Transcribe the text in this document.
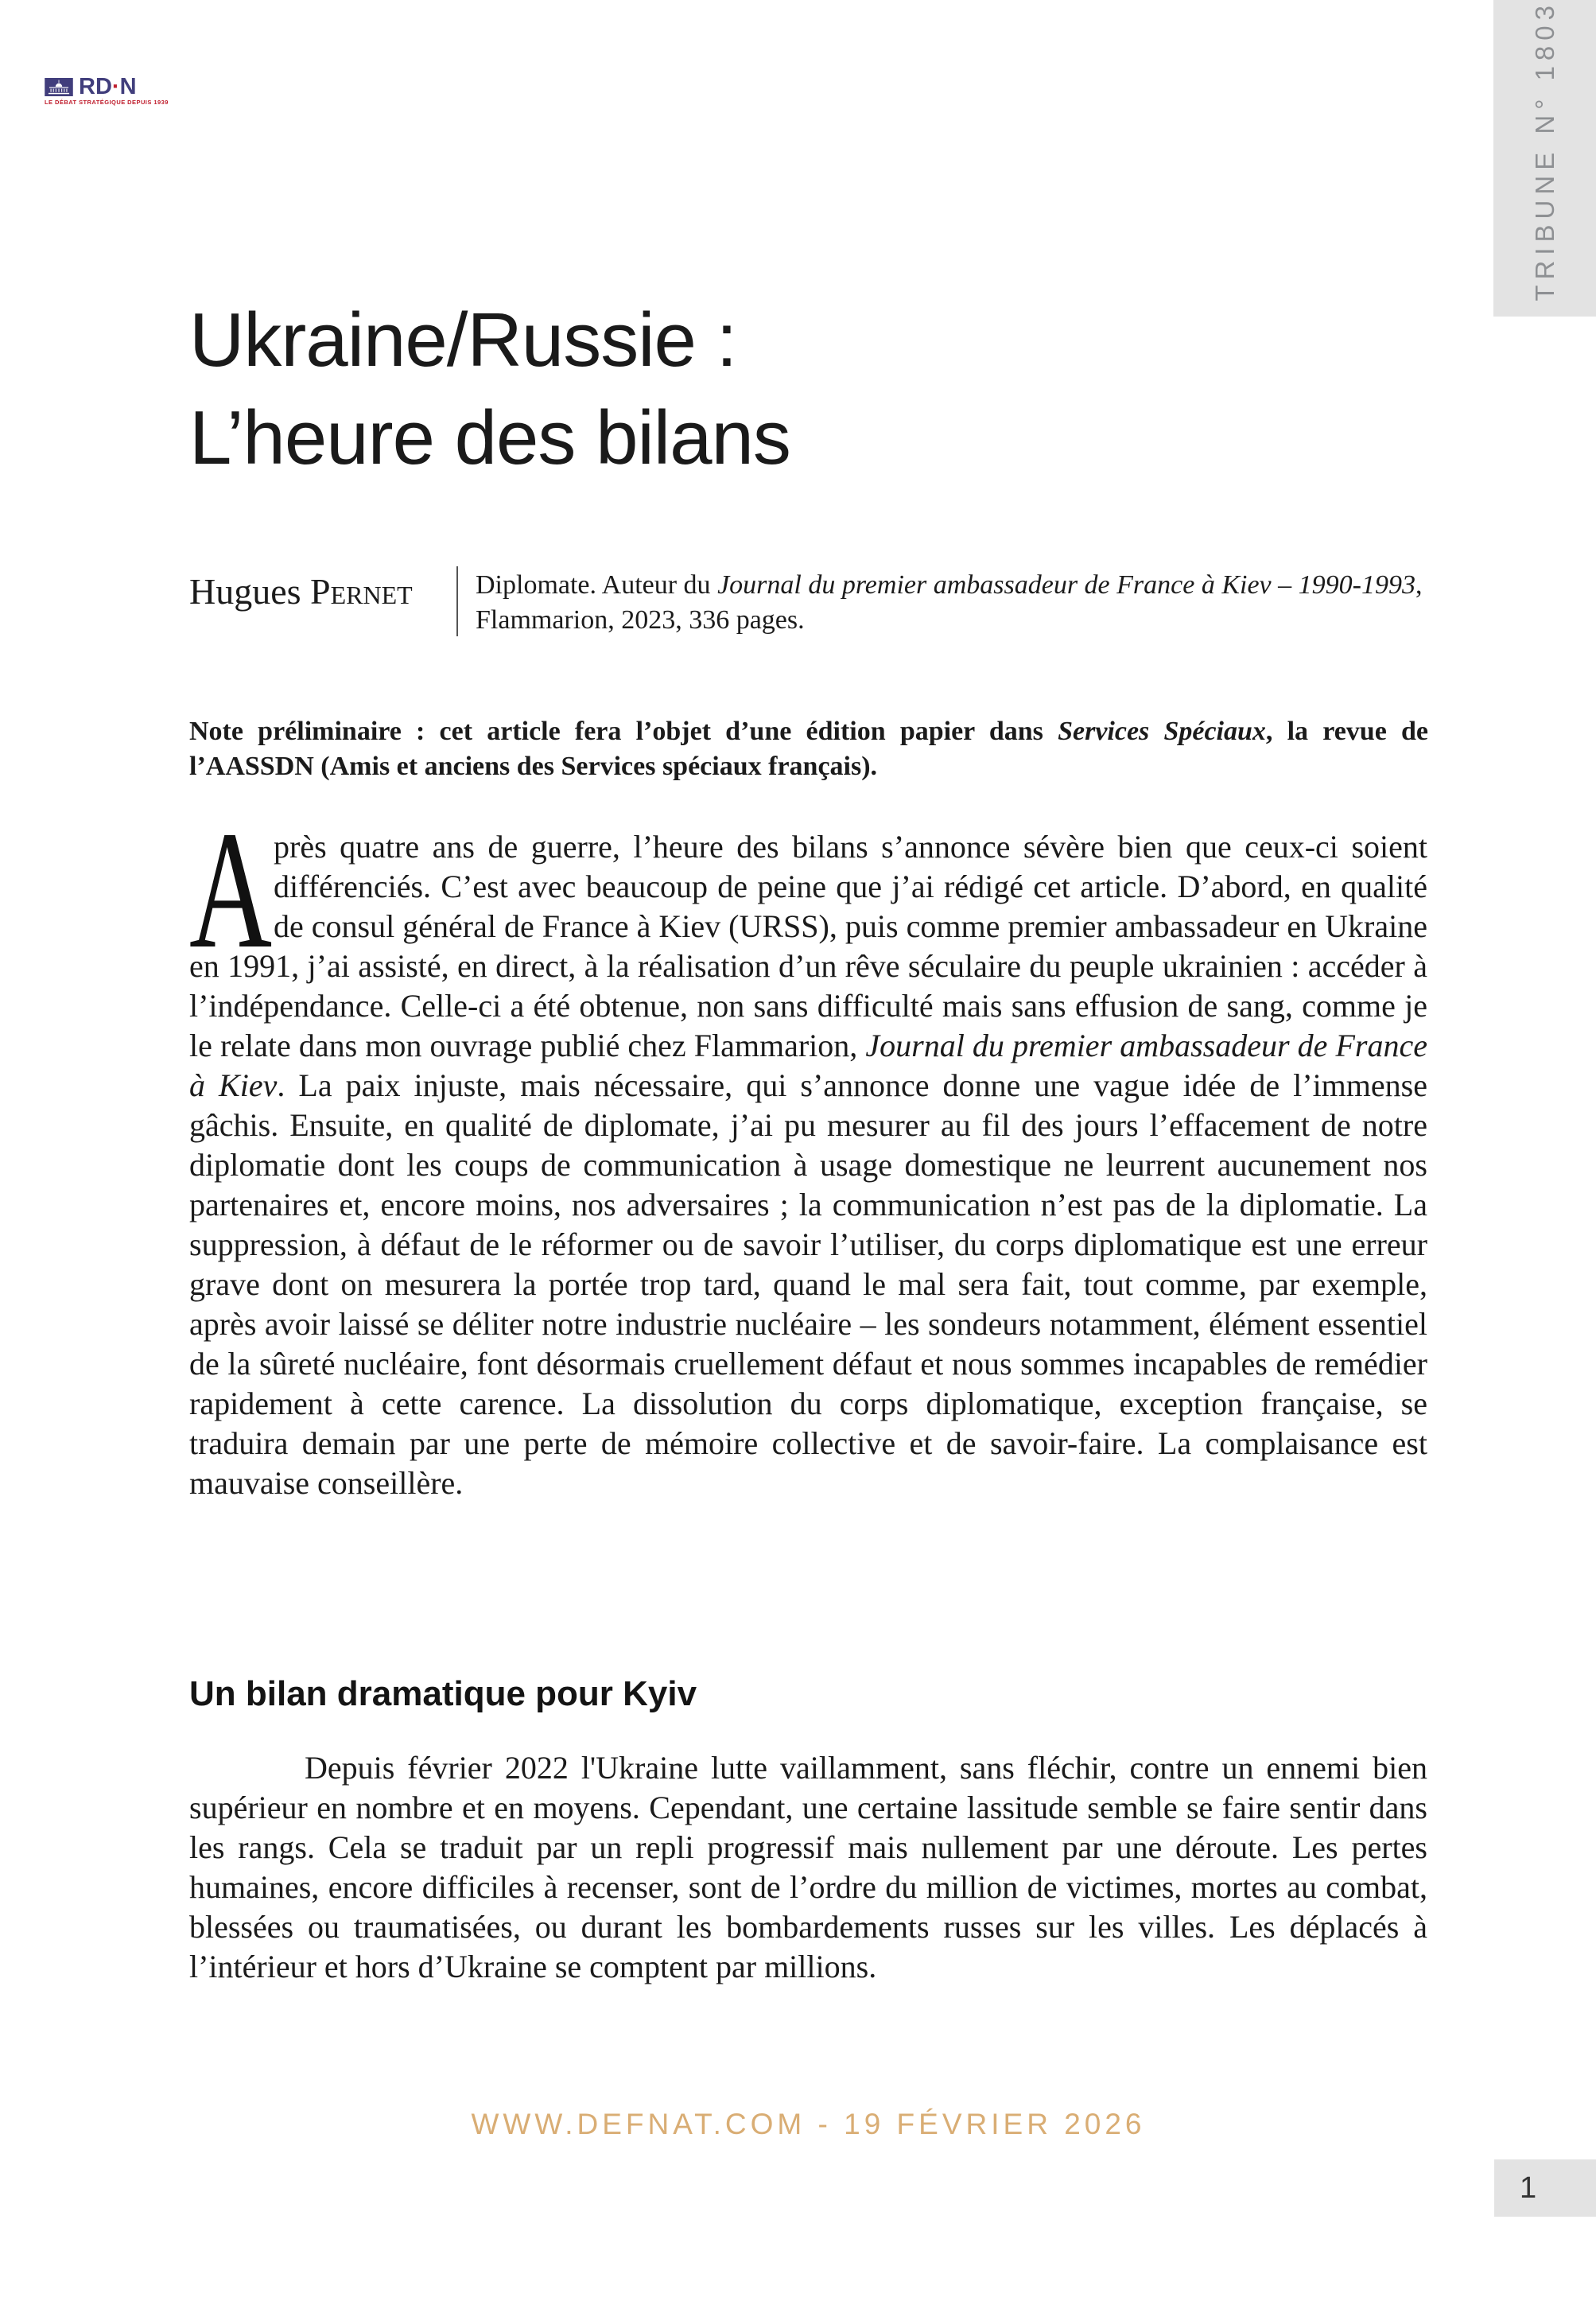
RD·N
LE DÉBAT STRATÉGIQUE DEPUIS 1939	TRIBUNE N° 1803
Ukraine/Russie :
L’heure des bilans
Hugues Pernet	Diplomate. Auteur du Journal du premier ambassadeur de France à Kiev – 1990-1993, Flammarion, 2023, 336 pages.
Note préliminaire : cet article fera l’objet d’une édition papier dans Services Spéciaux, la revue de l’AASSDN (Amis et anciens des Services spéciaux français).

Après quatre ans de guerre, l’heure des bilans s’annonce sévère bien que ceux-ci soient différenciés. C’est avec beaucoup de peine que j’ai rédigé cet article. D’abord, en qualité de consul général de France à Kiev (URSS), puis comme premier ambassadeur en Ukraine en 1991, j’ai assisté, en direct, à la réalisation d’un rêve séculaire du peuple ukrainien : accéder à l’indépendance. Celle-ci a été obtenue, non sans difficulté mais sans effusion de sang, comme je le relate dans mon ouvrage publié chez Flammarion, Journal du premier ambassadeur de France à Kiev. La paix injuste, mais nécessaire, qui s’annonce donne une vague idée de l’immense gâchis. Ensuite, en qualité de diplomate, j’ai pu mesurer au fil des jours l’effacement de notre diplomatie dont les coups de communication à usage domestique ne leurrent aucunement nos partenaires et, encore moins, nos adversaires ; la communication n’est pas de la diplomatie. La suppression, à défaut de le réformer ou de savoir l’utiliser, du corps diplomatique est une erreur grave dont on mesurera la portée trop tard, quand le mal sera fait, tout comme, par exemple, après avoir laissé se déliter notre industrie nucléaire – les sondeurs notamment, élément essentiel de la sûreté nucléaire, font désormais cruellement défaut et nous sommes incapables de remédier rapidement à cette carence. La dissolution du corps diplomatique, exception française, se traduira demain par une perte de mémoire collective et de savoir-faire. La complaisance est mauvaise conseillère.

Un bilan dramatique pour Kyiv

Depuis février 2022 l'Ukraine lutte vaillamment, sans fléchir, contre un ennemi bien supérieur en nombre et en moyens. Cependant, une certaine lassitude semble se faire sentir dans les rangs. Cela se traduit par un repli progressif mais nullement par une déroute. Les pertes humaines, encore difficiles à recenser, sont de l’ordre du million de victimes, mortes au combat, blessées ou traumatisées, ou durant les bombardements russes sur les villes. Les déplacés à l’intérieur et hors d’Ukraine se comptent par millions.

WWW.DEFNAT.COM - 19 FÉVRIER 2026
1
